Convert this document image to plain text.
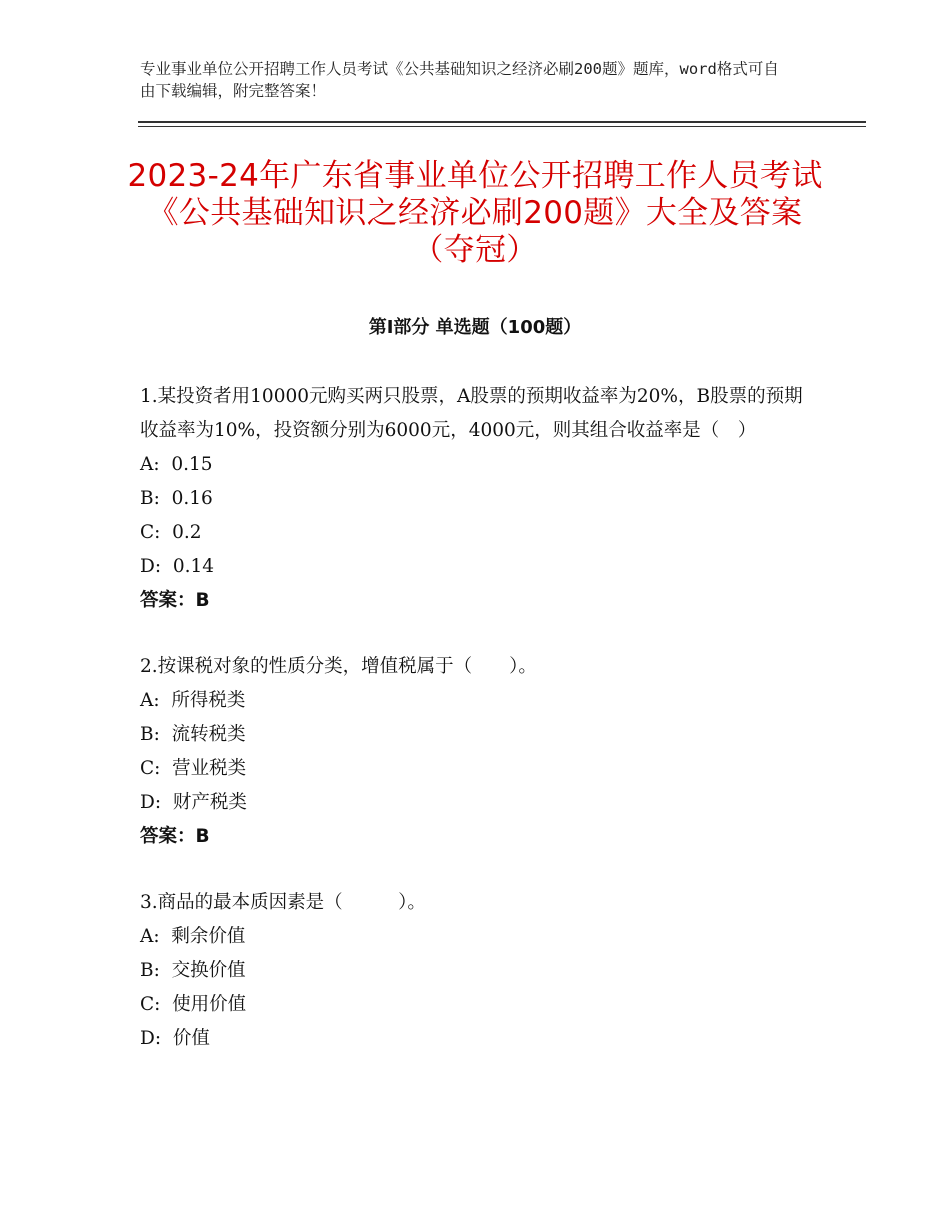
专业事业单位公开招聘工作人员考试《公共基础知识之经济必刷200题》题库，word格式可自由下载编辑，附完整答案！
2023-24年广东省事业单位公开招聘工作人员考试《公共基础知识之经济必刷200题》大全及答案（夺冠）
第Ⅰ部分 单选题（100题）

1.某投资者用10000元购买两只股票，A股票的预期收益率为20%，B股票的预期收益率为10%，投资额分别为6000元，4000元，则其组合收益率是（　）

A:  0.15

B:  0.16

C:  0.2

D:  0.14

答案：B

2.按课税对象的性质分类，增值税属于（　　）。

A:  所得税类

B:  流转税类

C:  营业税类

D:  财产税类

答案：B

3.商品的最本质因素是（　　　）。

A:  剩余价值

B:  交换价值

C:  使用价值

D:  价值
